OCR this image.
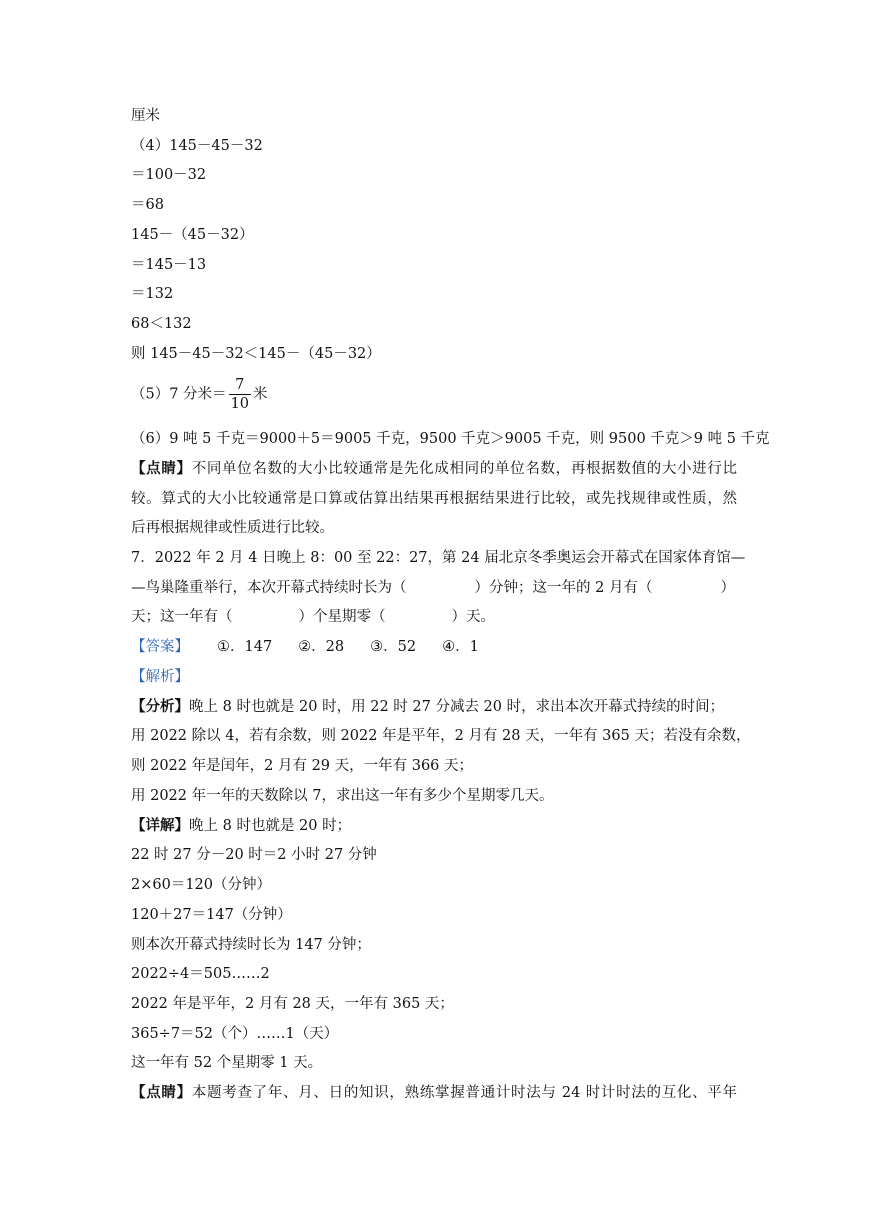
厘米
（4）145－45－32
＝100－32
＝68
145－（45－32）
＝145－13
＝132
68＜132
则 145－45－32＜145－（45－32）
（5）7 分米＝ $\frac{7}{10}$ 米
（6）9 吨 5 千克＝9000＋5＝9005 千克，9500 千克＞9005 千克，则 9500 千克＞9 吨 5 千克
【点睛】不同单位名数的大小比较通常是先化成相同的单位名数，再根据数值的大小进行比
较。算式的大小比较通常是口算或估算出结果再根据结果进行比较，或先找规律或性质，然
后再根据规律或性质进行比较。
7．2022 年 2 月 4 日晚上 8：00 至 22：27，第 24 届北京冬季奥运会开幕式在国家体育馆—
—鸟巢隆重举行，本次开幕式持续时长为（	）分钟；这一年的 2 月有（	）
天；这一年有（	）个星期零（	）天。
【答案】 ①．147 ②．28 ③．52 ④．1
【解析】
【分析】晚上 8 时也就是 20 时，用 22 时 27 分减去 20 时，求出本次开幕式持续的时间；
用 2022 除以 4，若有余数，则 2022 年是平年，2 月有 28 天，一年有 365 天；若没有余数，
则 2022 年是闰年，2 月有 29 天，一年有 366 天；
用 2022 年一年的天数除以 7，求出这一年有多少个星期零几天。
【详解】晚上 8 时也就是 20 时；
22 时 27 分－20 时＝2 小时 27 分钟
2×60＝120（分钟）
120＋27＝147（分钟）
则本次开幕式持续时长为 147 分钟；
2022÷4＝505……2
2022 年是平年，2 月有 28 天，一年有 365 天；
365÷7＝52（个）……1（天）
这一年有 52 个星期零 1 天。
【点睛】本题考查了年、月、日的知识，熟练掌握普通计时法与 24 时计时法的互化、平年
